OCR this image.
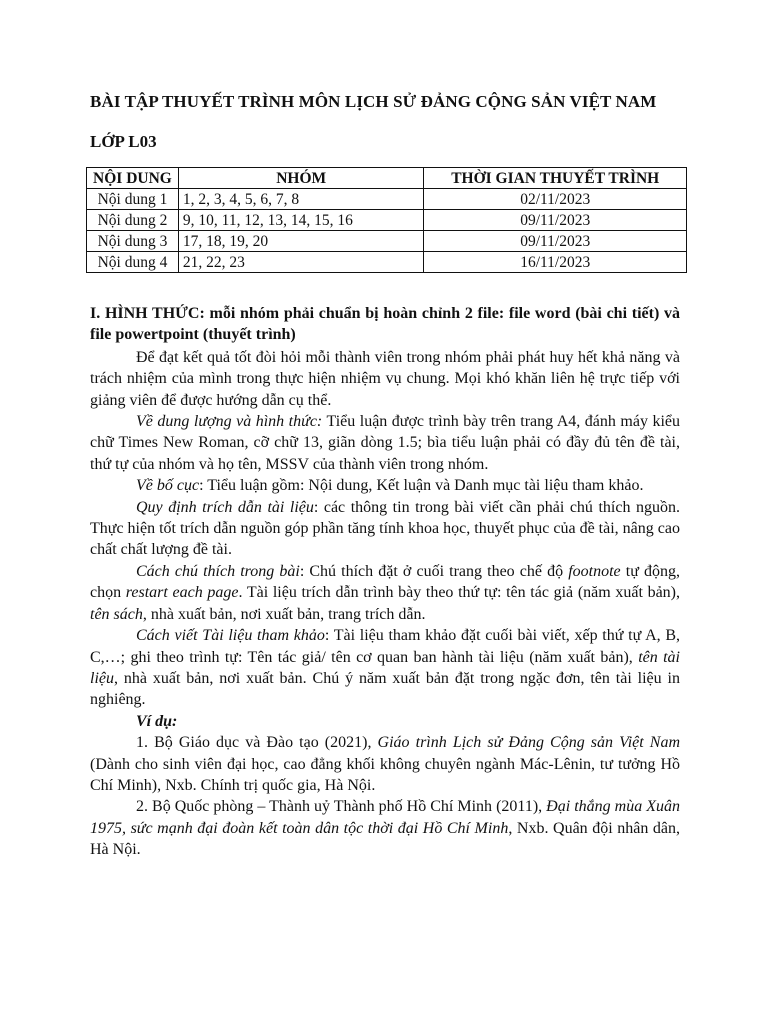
BÀI TẬP THUYẾT TRÌNH MÔN LỊCH SỬ ĐẢNG CỘNG SẢN VIỆT NAM
LỚP L03
NỘI DUNG	NHÓM	THỜI GIAN THUYẾT TRÌNH
Nội dung 1	1, 2, 3, 4, 5, 6, 7, 8	02/11/2023
Nội dung 2	9, 10, 11, 12, 13, 14, 15, 16	09/11/2023
Nội dung 3	17, 18, 19, 20	09/11/2023
Nội dung 4	21, 22, 23	16/11/2023

I. HÌNH THỨC: mỗi nhóm phải chuẩn bị hoàn chỉnh 2 file: file word (bài chi tiết) và file powertpoint (thuyết trình)

Để đạt kết quả tốt đòi hỏi mỗi thành viên trong nhóm phải phát huy hết khả năng và trách nhiệm của mình trong thực hiện nhiệm vụ chung. Mọi khó khăn liên hệ trực tiếp với giảng viên để được hướng dẫn cụ thể.

Về dung lượng và hình thức: Tiểu luận được trình bày trên trang A4, đánh máy kiểu chữ Times New Roman, cỡ chữ 13, giãn dòng 1.5; bìa tiểu luận phải có đầy đủ tên đề tài, thứ tự của nhóm và họ tên, MSSV của thành viên trong nhóm.

Về bố cục: Tiểu luận gồm: Nội dung, Kết luận và Danh mục tài liệu tham khảo.

Quy định trích dẫn tài liệu: các thông tin trong bài viết cần phải chú thích nguồn. Thực hiện tốt trích dẫn nguồn góp phần tăng tính khoa học, thuyết phục của đề tài, nâng cao chất chất lượng đề tài.

Cách chú thích trong bài: Chú thích đặt ở cuối trang theo chế độ footnote tự động, chọn restart each page. Tài liệu trích dẫn trình bày theo thứ tự: tên tác giả (năm xuất bản), tên sách, nhà xuất bản, nơi xuất bản, trang trích dẫn.

Cách viết Tài liệu tham khảo: Tài liệu tham khảo đặt cuối bài viết, xếp thứ tự A, B, C,…; ghi theo trình tự: Tên tác giả/ tên cơ quan ban hành tài liệu (năm xuất bản), tên tài liệu, nhà xuất bản, nơi xuất bản. Chú ý năm xuất bản đặt trong ngặc đơn, tên tài liệu in nghiêng.

Ví dụ:

1. Bộ Giáo dục và Đào tạo (2021), Giáo trình Lịch sử Đảng Cộng sản Việt Nam (Dành cho sinh viên đại học, cao đẳng khối không chuyên ngành Mác-Lênin, tư tưởng Hồ Chí Minh), Nxb. Chính trị quốc gia, Hà Nội.

2. Bộ Quốc phòng – Thành uỷ Thành phố Hồ Chí Minh (2011), Đại thắng mùa Xuân 1975, sức mạnh đại đoàn kết toàn dân tộc thời đại Hồ Chí Minh, Nxb. Quân đội nhân dân, Hà Nội.
